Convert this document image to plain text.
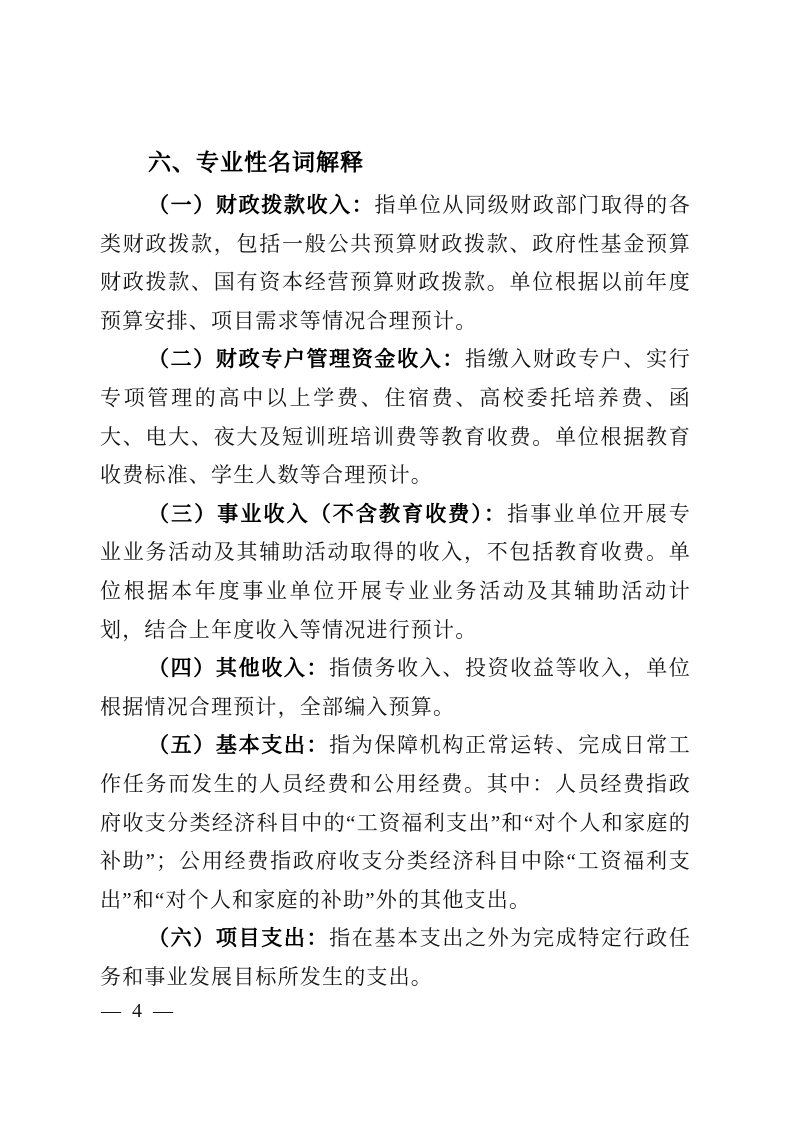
六、专业性名词解释

（一）财政拨款收入：指单位从同级财政部门取得的各类财政拨款，包括一般公共预算财政拨款、政府性基金预算财政拨款、国有资本经营预算财政拨款。单位根据以前年度预算安排、项目需求等情况合理预计。

（二）财政专户管理资金收入：指缴入财政专户、实行专项管理的高中以上学费、住宿费、高校委托培养费、函大、电大、夜大及短训班培训费等教育收费。单位根据教育收费标准、学生人数等合理预计。

（三）事业收入（不含教育收费）：指事业单位开展专业业务活动及其辅助活动取得的收入，不包括教育收费。单位根据本年度事业单位开展专业业务活动及其辅助活动计划，结合上年度收入等情况进行预计。

（四）其他收入：指债务收入、投资收益等收入，单位根据情况合理预计，全部编入预算。

（五）基本支出：指为保障机构正常运转、完成日常工作任务而发生的人员经费和公用经费。其中：人员经费指政府收支分类经济科目中的“工资福利支出”和“对个人和家庭的补助”；公用经费指政府收支分类经济科目中除“工资福利支出”和“对个人和家庭的补助”外的其他支出。

（六）项目支出：指在基本支出之外为完成特定行政任务和事业发展目标所发生的支出。

— 4 —
